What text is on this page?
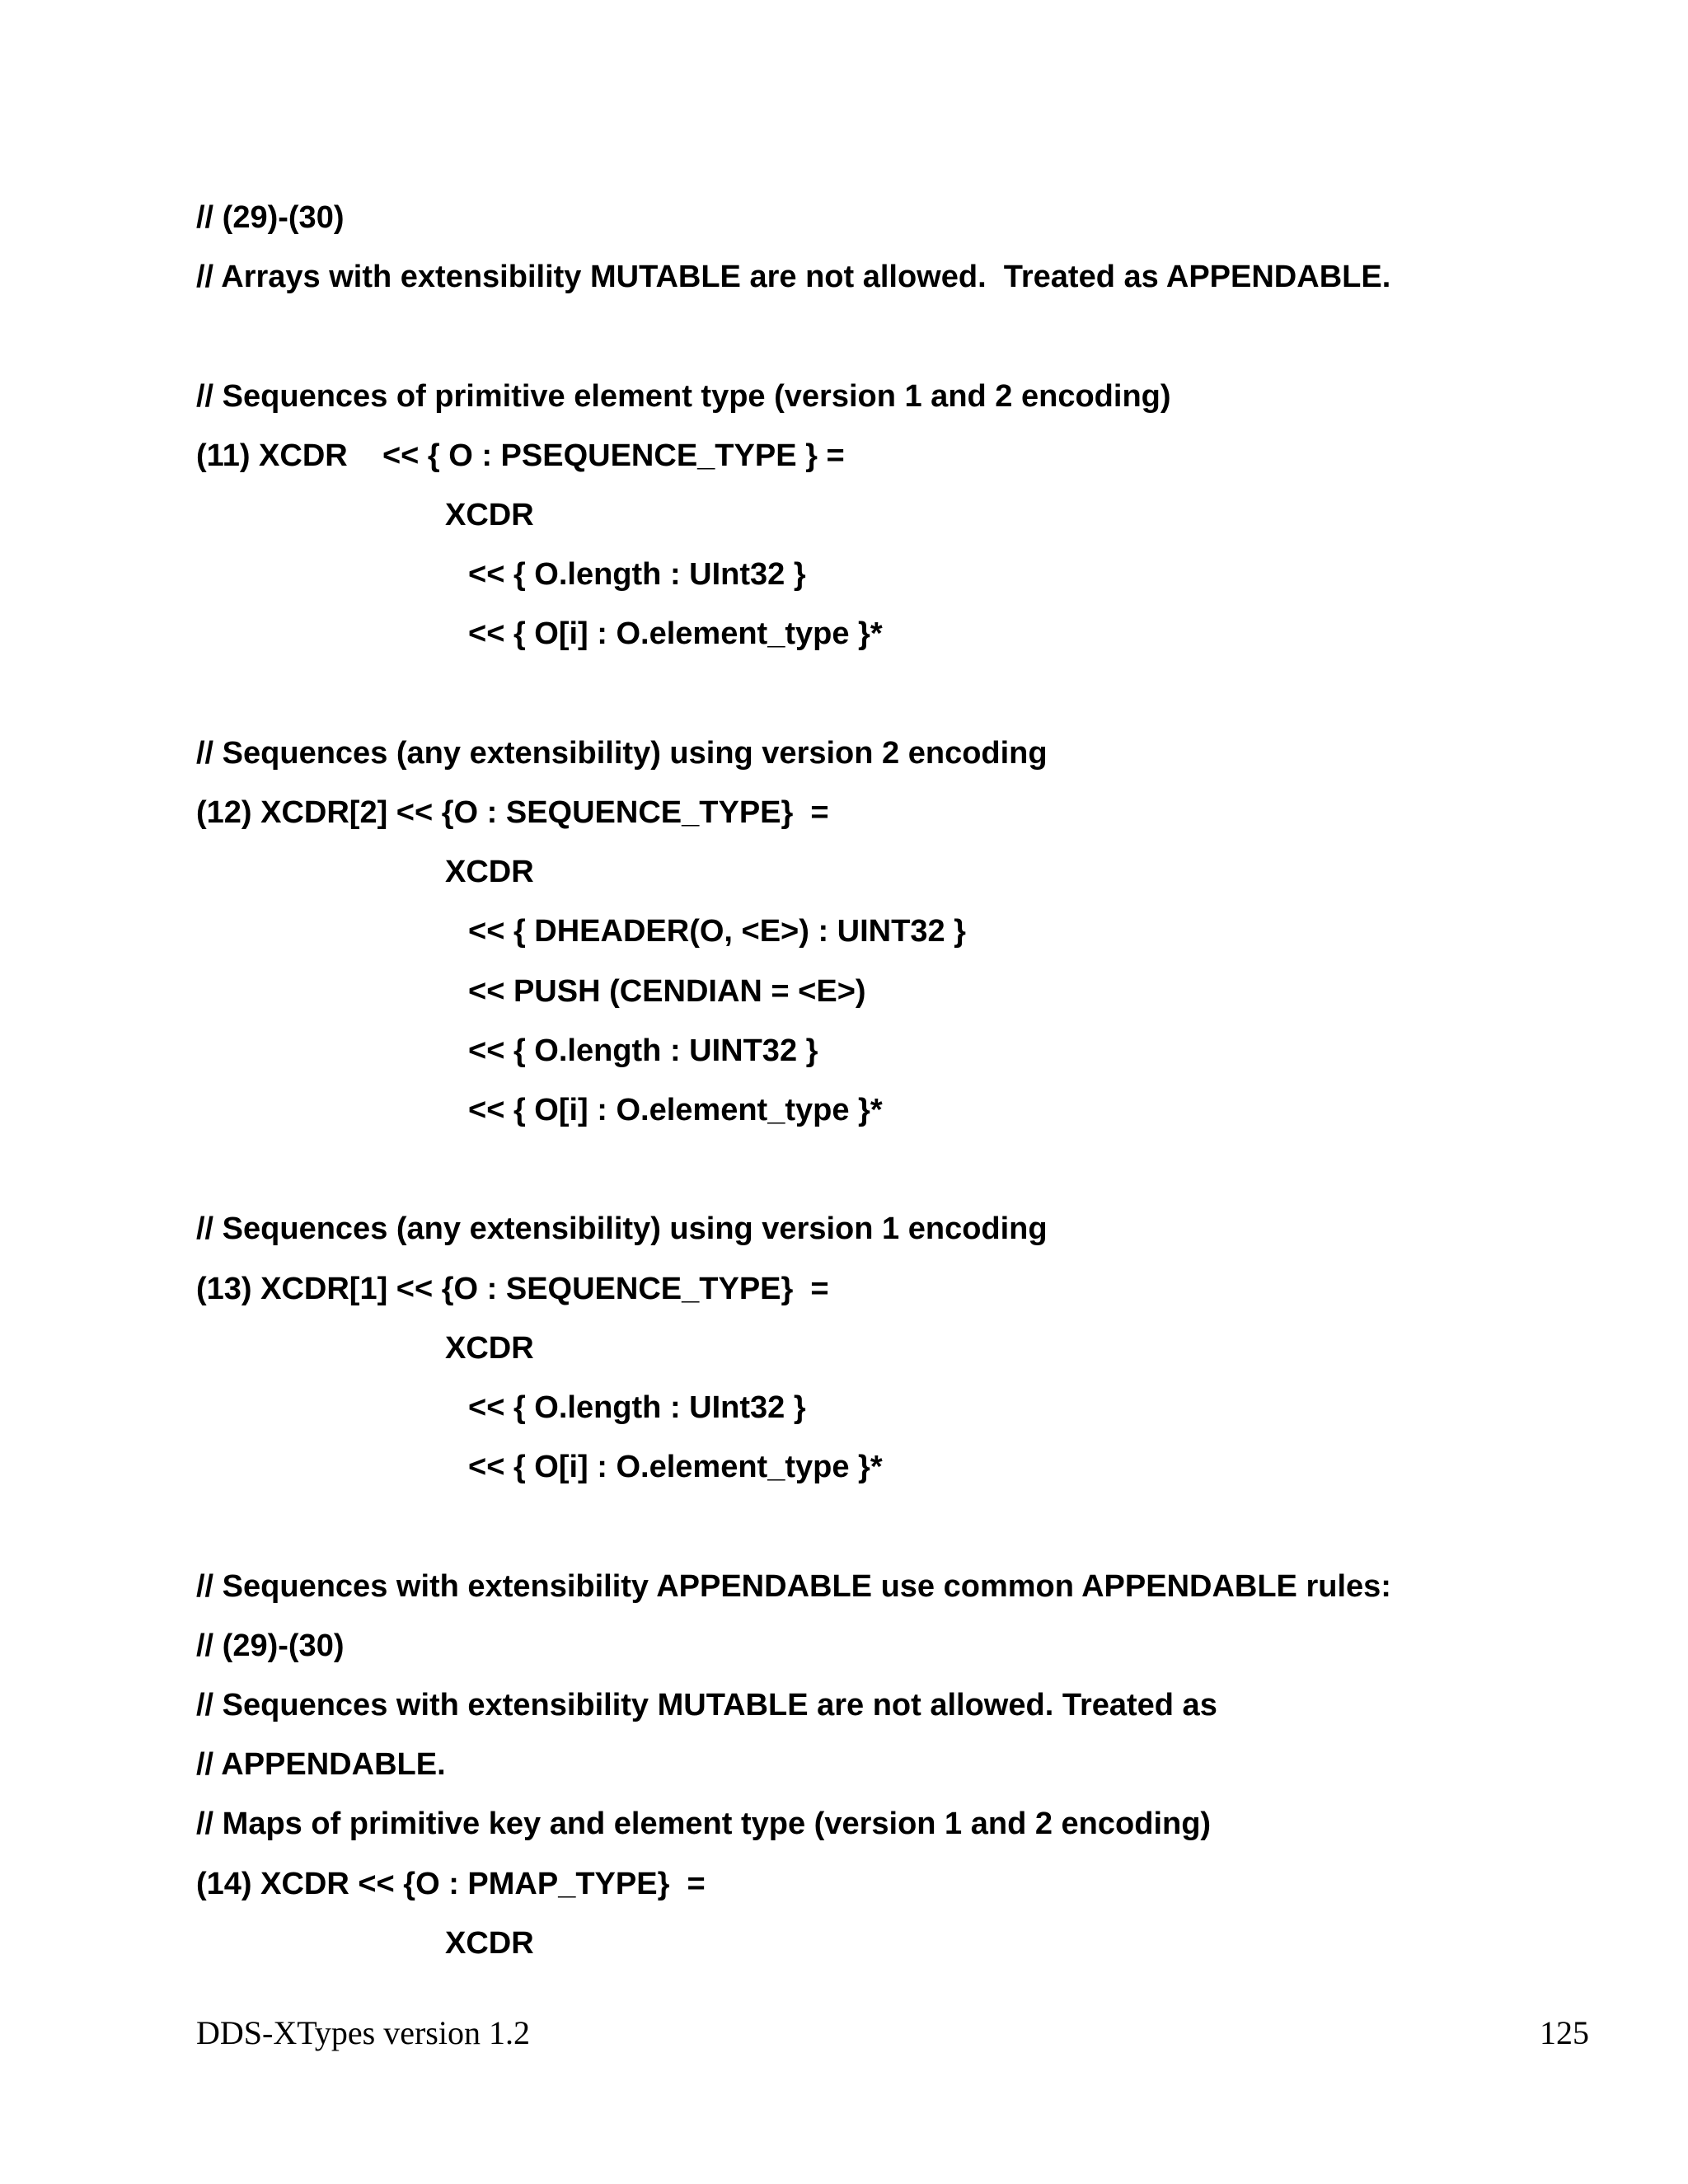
// (29)-(30)
// Arrays with extensibility MUTABLE are not allowed.  Treated as APPENDABLE.
// Sequences of primitive element type (version 1 and 2 encoding)
(11) XCDR    << { O : PSEQUENCE_TYPE } =
XCDR
<< { O.length : UInt32 }
<< { O[i] : O.element_type }*
// Sequences (any extensibility) using version 2 encoding
(12) XCDR[2] << {O : SEQUENCE_TYPE}  =
XCDR
<< { DHEADER(O, <E>) : UINT32 }
<< PUSH (CENDIAN = <E>)
<< { O.length : UINT32 }
<< { O[i] : O.element_type }*
// Sequences (any extensibility) using version 1 encoding
(13) XCDR[1] << {O : SEQUENCE_TYPE}  =
XCDR
<< { O.length : UInt32 }
<< { O[i] : O.element_type }*
// Sequences with extensibility APPENDABLE use common APPENDABLE rules:
// (29)-(30)
// Sequences with extensibility MUTABLE are not allowed. Treated as
// APPENDABLE.
// Maps of primitive key and element type (version 1 and 2 encoding)
(14) XCDR << {O : PMAP_TYPE}  =
XCDR
DDS-XTypes version 1.2	125
